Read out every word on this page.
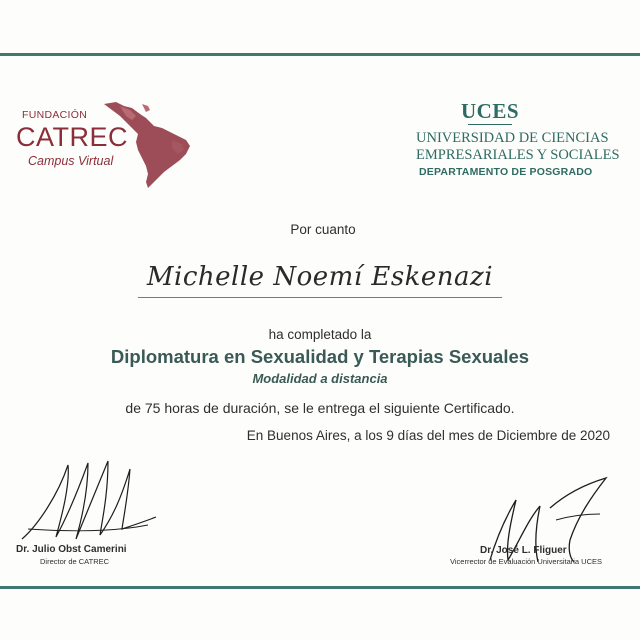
FUNDACIÓN
CATREC
Campus Virtual
UCES
UNIVERSIDAD DE CIENCIAS
EMPRESARIALES Y SOCIALES
DEPARTAMENTO DE POSGRADO
Por cuanto
Michelle Noemí Eskenazi
ha completado la
Diplomatura en Sexualidad y Terapias Sexuales
Modalidad a distancia
de 75 horas de duración, se le entrega el siguiente Certificado.
En Buenos Aires, a los 9 días del mes de Diciembre de 2020
Dr. Julio Obst Camerini
Director de CATREC
Dr. José L. Fliguer
Vicerrector de Evaluación Universitaria UCES
